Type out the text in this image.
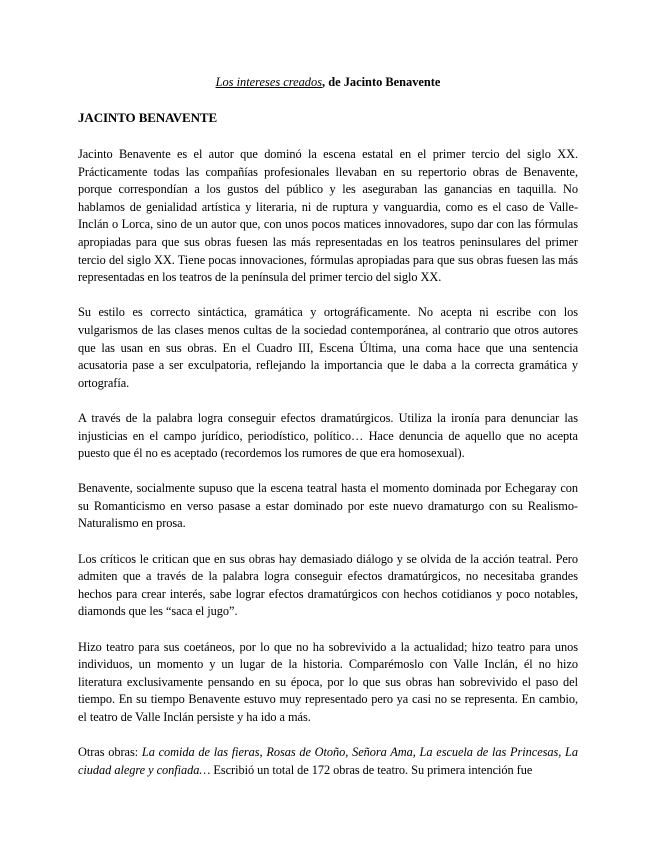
Los intereses creados, de Jacinto Benavente
JACINTO BENAVENTE

Jacinto Benavente es el autor que dominó la escena estatal en el primer tercio del siglo XX. Prácticamente todas las compañías profesionales llevaban en su repertorio obras de Benavente, porque correspondían a los gustos del público y les aseguraban las ganancias en taquilla. No hablamos de genialidad artística y literaria, ni de ruptura y vanguardia, como es el caso de Valle-Inclán o Lorca, sino de un autor que, con unos pocos matices innovadores, supo dar con las fórmulas apropiadas para que sus obras fuesen las más representadas en los teatros peninsulares del primer tercio del siglo XX. Tiene pocas innovaciones, fórmulas apropiadas para que sus obras fuesen las más representadas en los teatros de la península del primer tercio del siglo XX.

Su estilo es correcto sintáctica, gramática y ortográficamente. No acepta ni escribe con los vulgarismos de las clases menos cultas de la sociedad contemporánea, al contrario que otros autores que las usan en sus obras. En el Cuadro III, Escena Última, una coma hace que una sentencia acusatoria pase a ser exculpatoria, reflejando la importancia que le daba a la correcta gramática y ortografía.

A través de la palabra logra conseguir efectos dramatúrgicos. Utiliza la ironía para denunciar las injusticias en el campo jurídico, periodístico, político… Hace denuncia de aquello que no acepta puesto que él no es aceptado (recordemos los rumores de que era homosexual).

Benavente, socialmente supuso que la escena teatral hasta el momento dominada por Echegaray con su Romanticismo en verso pasase a estar dominado por este nuevo dramaturgo con su Realismo-Naturalismo en prosa.

Los críticos le critican que en sus obras hay demasiado diálogo y se olvida de la acción teatral. Pero admiten que a través de la palabra logra conseguir efectos dramatúrgicos, no necesitaba grandes hechos para crear interés, sabe lograr efectos dramatúrgicos con hechos cotidianos y poco notables, diamonds que les “saca el jugo”.

Hizo teatro para sus coetáneos, por lo que no ha sobrevivido a la actualidad; hizo teatro para unos individuos, un momento y un lugar de la historia. Comparémoslo con Valle Inclán, él no hizo literatura exclusivamente pensando en su época, por lo que sus obras han sobrevivido el paso del tiempo. En su tiempo Benavente estuvo muy representado pero ya casi no se representa. En cambio, el teatro de Valle Inclán persiste y ha ido a más.

Otras obras: La comida de las fieras, Rosas de Otoño, Señora Ama, La escuela de las Princesas, La ciudad alegre y confiada… Escribió un total de 172 obras de teatro. Su primera intención fue
